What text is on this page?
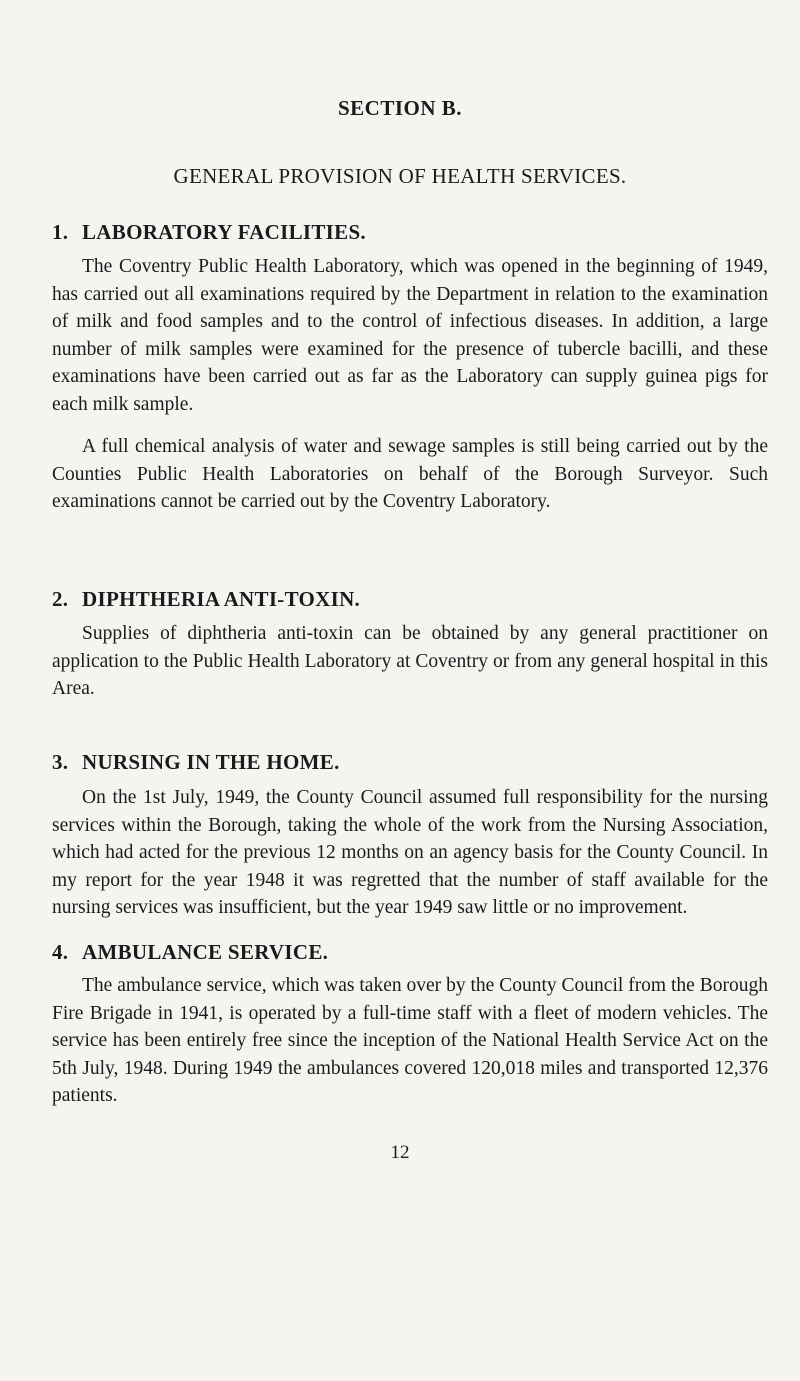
SECTION B.
GENERAL PROVISION OF HEALTH SERVICES.
1. LABORATORY FACILITIES.

The Coventry Public Health Laboratory, which was opened in the beginning of 1949, has carried out all examinations required by the Department in relation to the examination of milk and food samples and to the control of infectious diseases. In addition, a large number of milk samples were examined for the presence of tubercle bacilli, and these examinations have been carried out as far as the Laboratory can supply guinea pigs for each milk sample.

A full chemical analysis of water and sewage samples is still being carried out by the Counties Public Health Laboratories on behalf of the Borough Surveyor. Such examinations cannot be carried out by the Coventry Laboratory.

2. DIPHTHERIA ANTI-TOXIN.

Supplies of diphtheria anti-toxin can be obtained by any general practitioner on application to the Public Health Laboratory at Coventry or from any general hospital in this Area.

3. NURSING IN THE HOME.

On the 1st July, 1949, the County Council assumed full responsibility for the nursing services within the Borough, taking the whole of the work from the Nursing Association, which had acted for the previous 12 months on an agency basis for the County Council. In my report for the year 1948 it was regretted that the number of staff available for the nursing services was insufficient, but the year 1949 saw little or no improvement.

4. AMBULANCE SERVICE.

The ambulance service, which was taken over by the County Council from the Borough Fire Brigade in 1941, is operated by a full-time staff with a fleet of modern vehicles. The service has been entirely free since the inception of the National Health Service Act on the 5th July, 1948. During 1949 the ambulances covered 120,018 miles and transported 12,376 patients.

12
